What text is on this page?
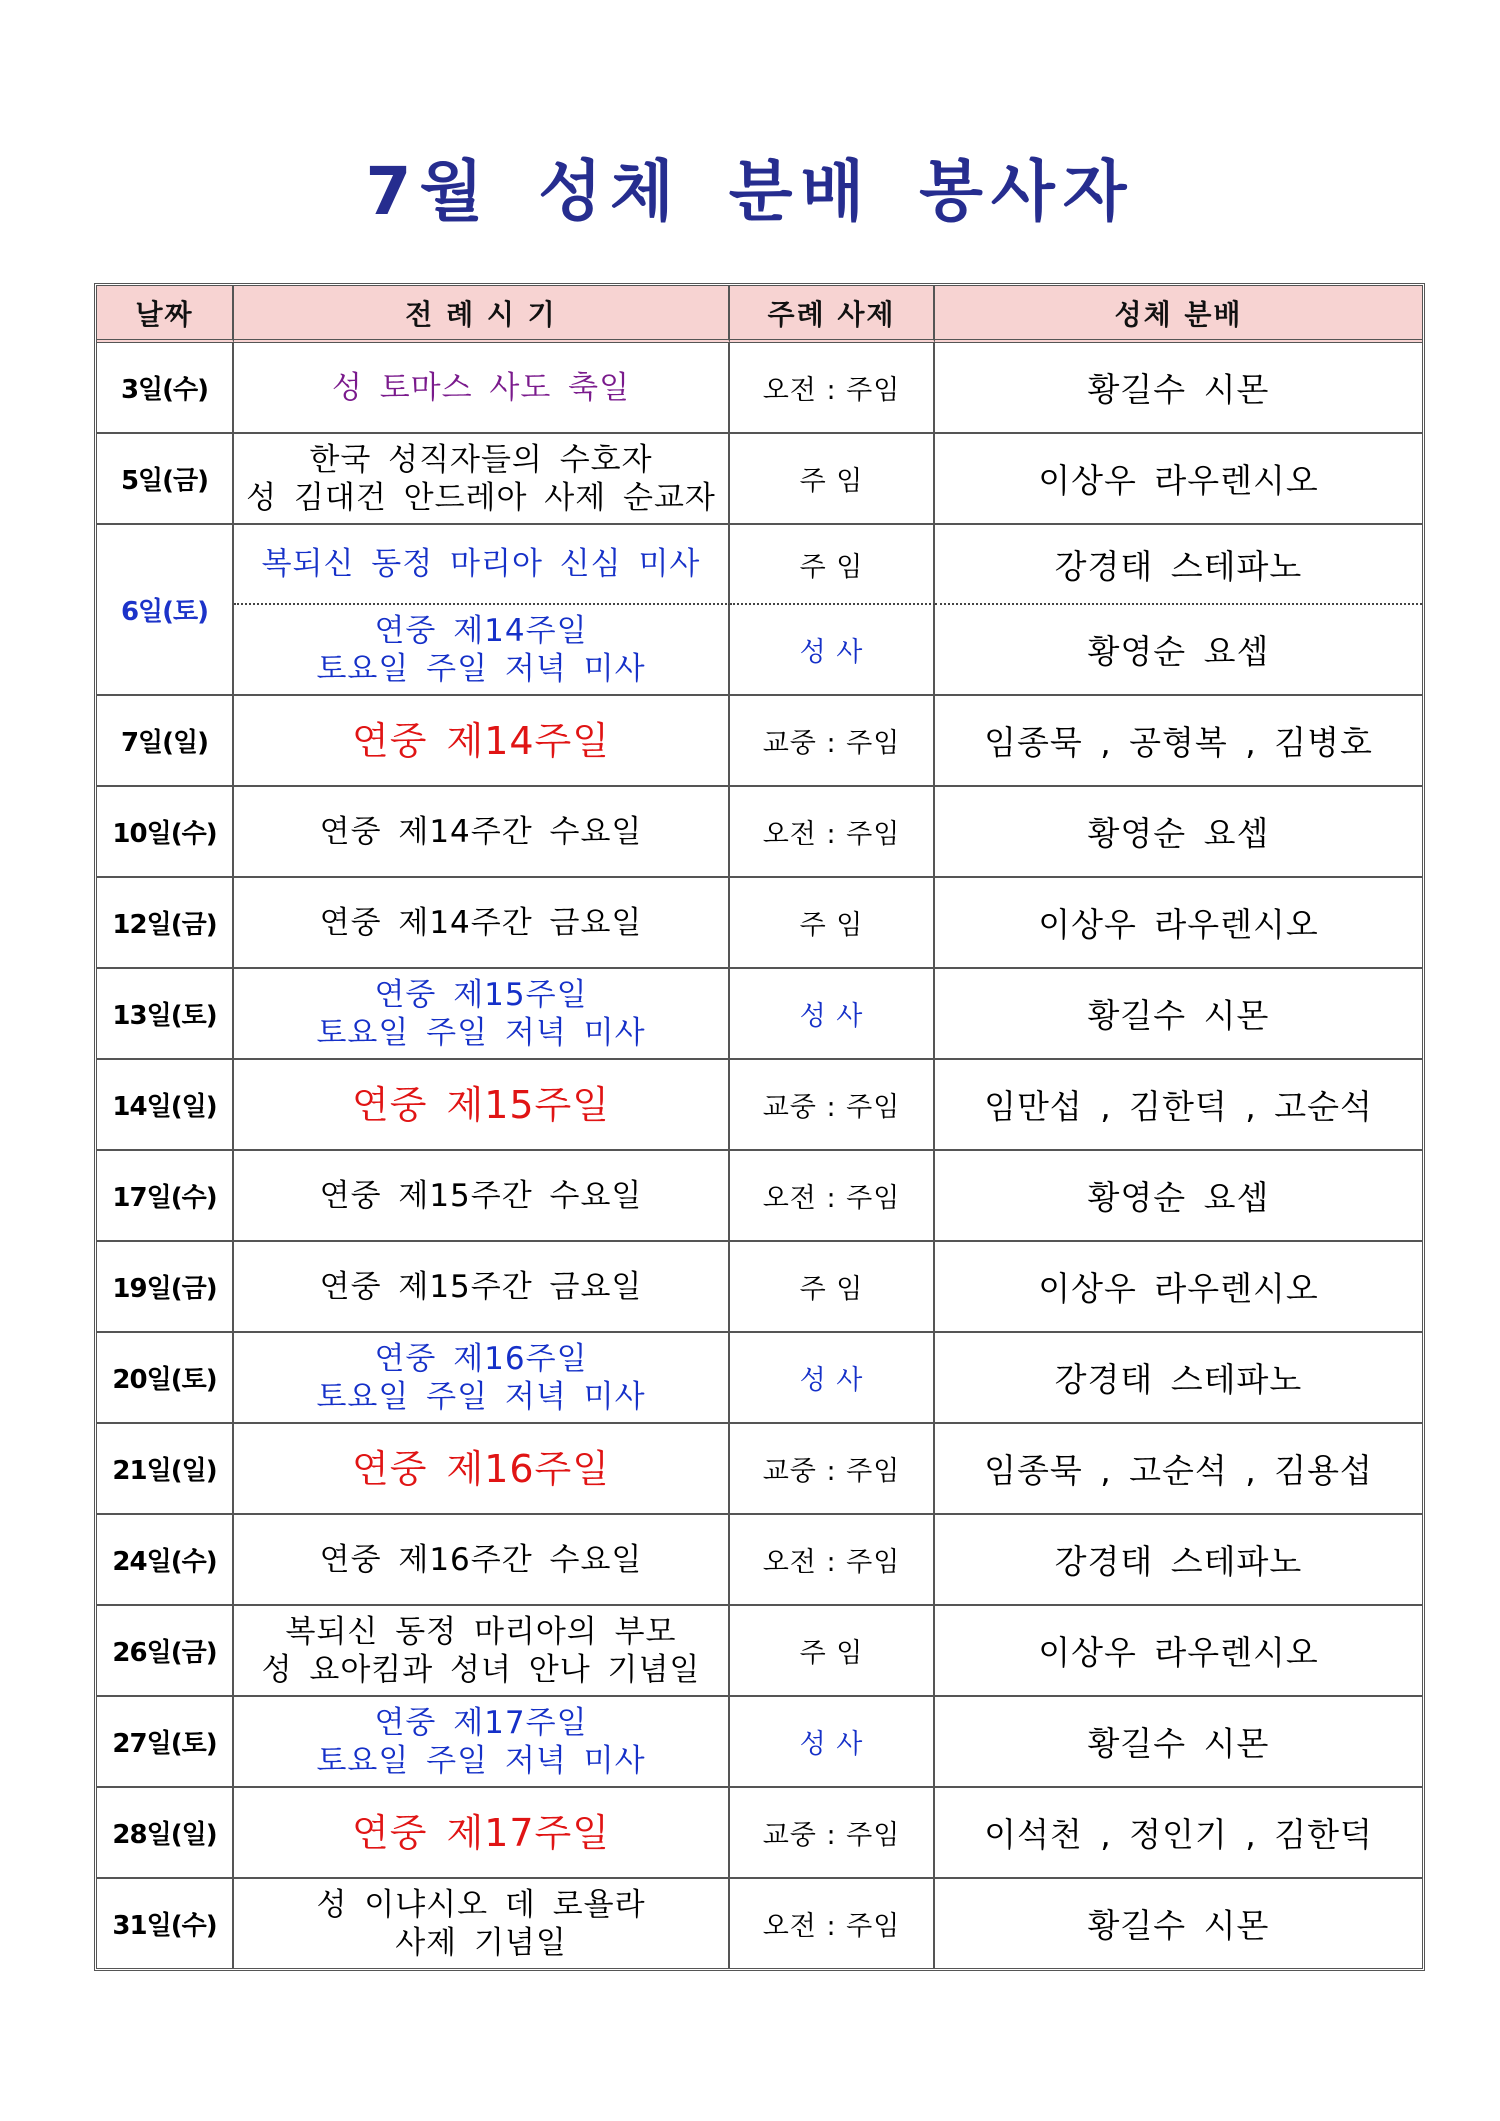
7월 성체 분배 봉사자
날짜	전 례 시 기	주례 사제	성체 분배
3일(수)	성 토마스 사도 축일	오전 : 주임	황길수 시몬
5일(금)	한국 성직자들의 수호자
성 김대건 안드레아 사제 순교자	주 임	이상우 라우렌시오
6일(토)	복되신 동정 마리아 신심 미사	주 임	강경태 스테파노

	연중 제14주일
토요일 주일 저녁 미사	성 사	황영순 요셉
7일(일)	연중 제14주일	교중 : 주임	임종묵 , 공형복 , 김병호
10일(수)	연중 제14주간 수요일	오전 : 주임	황영순 요셉
12일(금)	연중 제14주간 금요일	주 임	이상우 라우렌시오
13일(토)	연중 제15주일
토요일 주일 저녁 미사	성 사	황길수 시몬
14일(일)	연중 제15주일	교중 : 주임	임만섭 , 김한덕 , 고순석
17일(수)	연중 제15주간 수요일	오전 : 주임	황영순 요셉
19일(금)	연중 제15주간 금요일	주 임	이상우 라우렌시오
20일(토)	연중 제16주일
토요일 주일 저녁 미사	성 사	강경태 스테파노
21일(일)	연중 제16주일	교중 : 주임	임종묵 , 고순석 , 김용섭
24일(수)	연중 제16주간 수요일	오전 : 주임	강경태 스테파노
26일(금)	복되신 동정 마리아의 부모
성 요아킴과 성녀 안나 기념일	주 임	이상우 라우렌시오
27일(토)	연중 제17주일
토요일 주일 저녁 미사	성 사	황길수 시몬
28일(일)	연중 제17주일	교중 : 주임	이석천 , 정인기 , 김한덕
31일(수)	성 이냐시오 데 로욜라
사제 기념일	오전 : 주임	황길수 시몬
